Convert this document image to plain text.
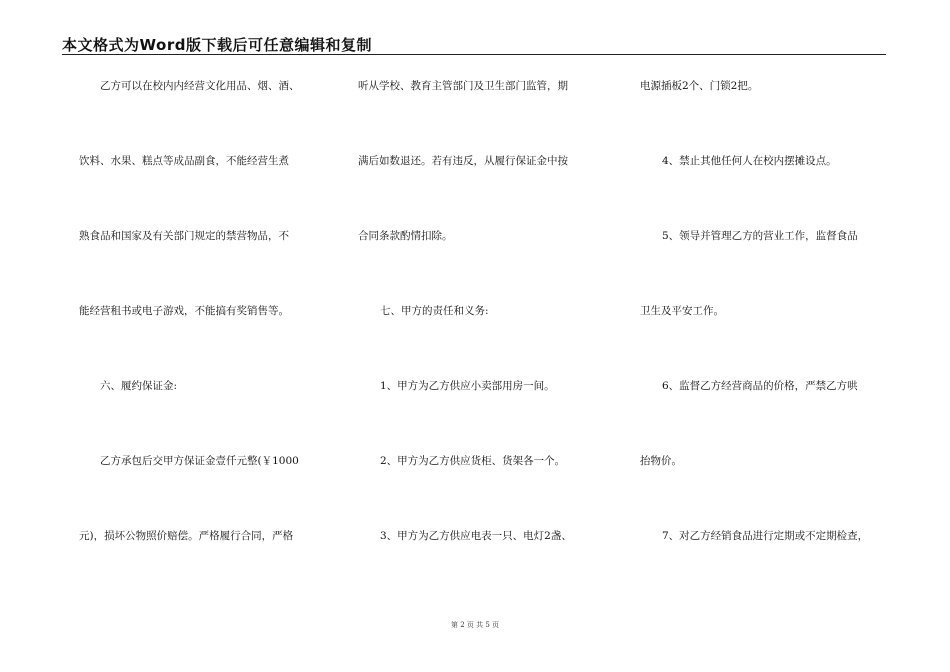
本文格式为Word版下载后可任意编辑和复制
乙方可以在校内内经营文化用品、烟、酒、
饮料、水果、糕点等成品副食，不能经营生煮
熟食品和国家及有关部门规定的禁营物品，不
能经营租书或电子游戏，不能搞有奖销售等。
六、履约保证金:
乙方承包后交甲方保证金壹仟元整(￥1000
元)，损坏公物照价赔偿。严格履行合同，严格
听从学校、教育主管部门及卫生部门监管，期
满后如数退还。若有违反，从履行保证金中按
合同条款酌情扣除。
七、甲方的责任和义务:
1、甲方为乙方供应小卖部用房一间。
2、甲方为乙方供应货柜、货架各一个。
3、甲方为乙方供应电表一只、电灯2盏、
电源插板2个、门锁2把。
4、禁止其他任何人在校内摆摊设点。
5、领导并管理乙方的营业工作，监督食品
卫生及平安工作。
6、监督乙方经营商品的价格，严禁乙方哄
抬物价。
7、对乙方经销食品进行定期或不定期检查，
第 2 页 共 5 页
